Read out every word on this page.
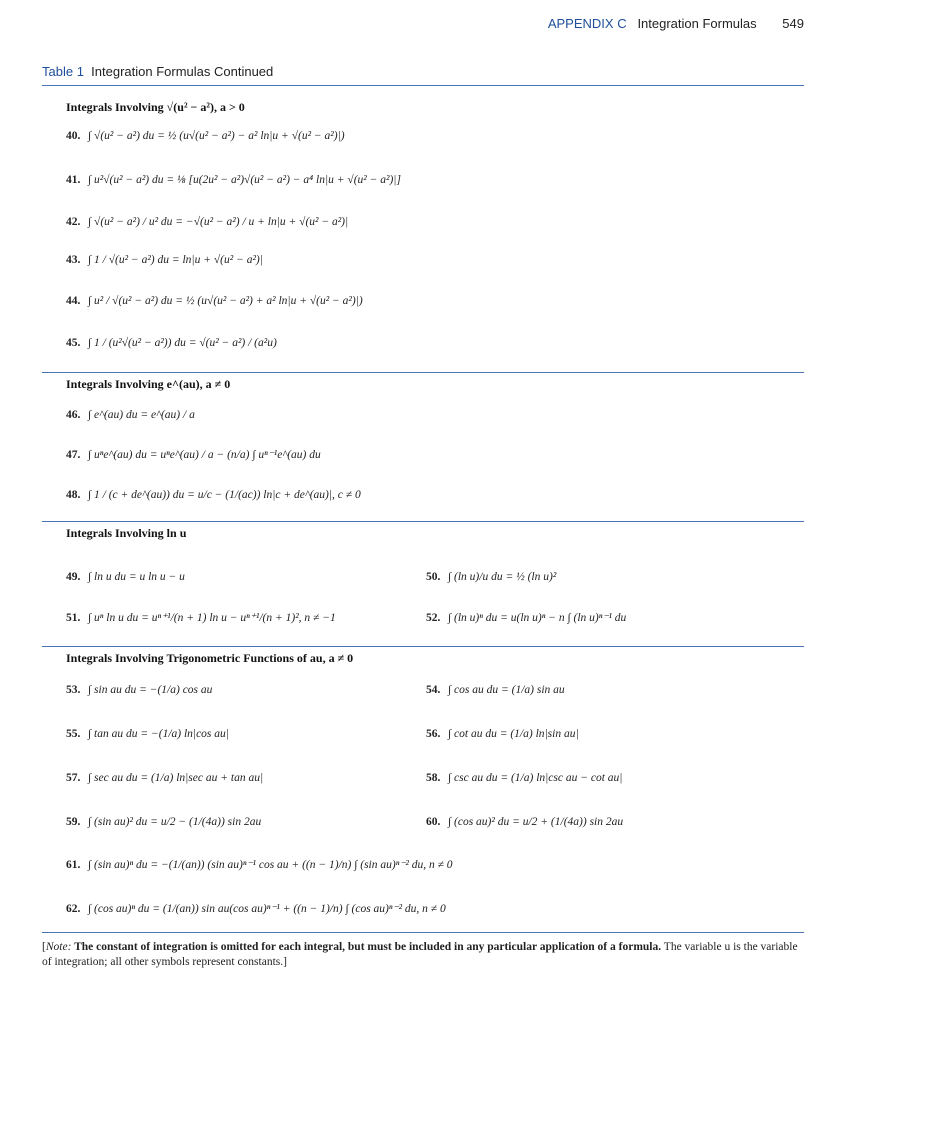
APPENDIX C Integration Formulas 549
Table 1 Integration Formulas Continued
Integrals Involving √(u² − a²), a > 0
40. ∫ √(u² − a²) du = ½ (u√(u² − a²) − a² ln|u + √(u² − a²)|)
41. ∫ u²√(u² − a²) du = ⅛ [u(2u² − a²)√(u² − a²) − a⁴ ln|u + √(u² − a²)|]
42. ∫ √(u² − a²) / u² du = −√(u² − a²) / u + ln|u + √(u² − a²)|
43. ∫ 1 / √(u² − a²) du = ln|u + √(u² − a²)|
44. ∫ u² / √(u² − a²) du = ½ (u√(u² − a²) + a² ln|u + √(u² − a²)|)
45. ∫ 1 / (u²√(u² − a²)) du = √(u² − a²) / (a²u)
Integrals Involving e^(au), a ≠ 0
46. ∫ e^(au) du = e^(au) / a
47. ∫ uⁿe^(au) du = uⁿe^(au) / a − (n/a) ∫ uⁿ⁻¹e^(au) du
48. ∫ 1 / (c + de^(au)) du = u/c − (1/(ac)) ln|c + de^(au)|, c ≠ 0
Integrals Involving ln u
49. ∫ ln u du = u ln u − u	50. ∫ (ln u)/u du = ½ (ln u)²
51. ∫ uⁿ ln u du = uⁿ⁺¹/(n + 1) ln u − uⁿ⁺¹/(n + 1)², n ≠ −1	52. ∫ (ln u)ⁿ du = u(ln u)ⁿ − n ∫ (ln u)ⁿ⁻¹ du
Integrals Involving Trigonometric Functions of au, a ≠ 0
53. ∫ sin au du = −(1/a) cos au	54. ∫ cos au du = (1/a) sin au
55. ∫ tan au du = −(1/a) ln|cos au|	56. ∫ cot au du = (1/a) ln|sin au|
57. ∫ sec au du = (1/a) ln|sec au + tan au|	58. ∫ csc au du = (1/a) ln|csc au − cot au|
59. ∫ (sin au)² du = u/2 − (1/(4a)) sin 2au	60. ∫ (cos au)² du = u/2 + (1/(4a)) sin 2au
61. ∫ (sin au)ⁿ du = −(1/(an)) (sin au)ⁿ⁻¹ cos au + ((n − 1)/n) ∫ (sin au)ⁿ⁻² du, n ≠ 0
62. ∫ (cos au)ⁿ du = (1/(an)) sin au(cos au)ⁿ⁻¹ + ((n − 1)/n) ∫ (cos au)ⁿ⁻² du, n ≠ 0
[Note: The constant of integration is omitted for each integral, but must be included in any particular application of a formula. The variable u is the variable of integration; all other symbols represent constants.]
